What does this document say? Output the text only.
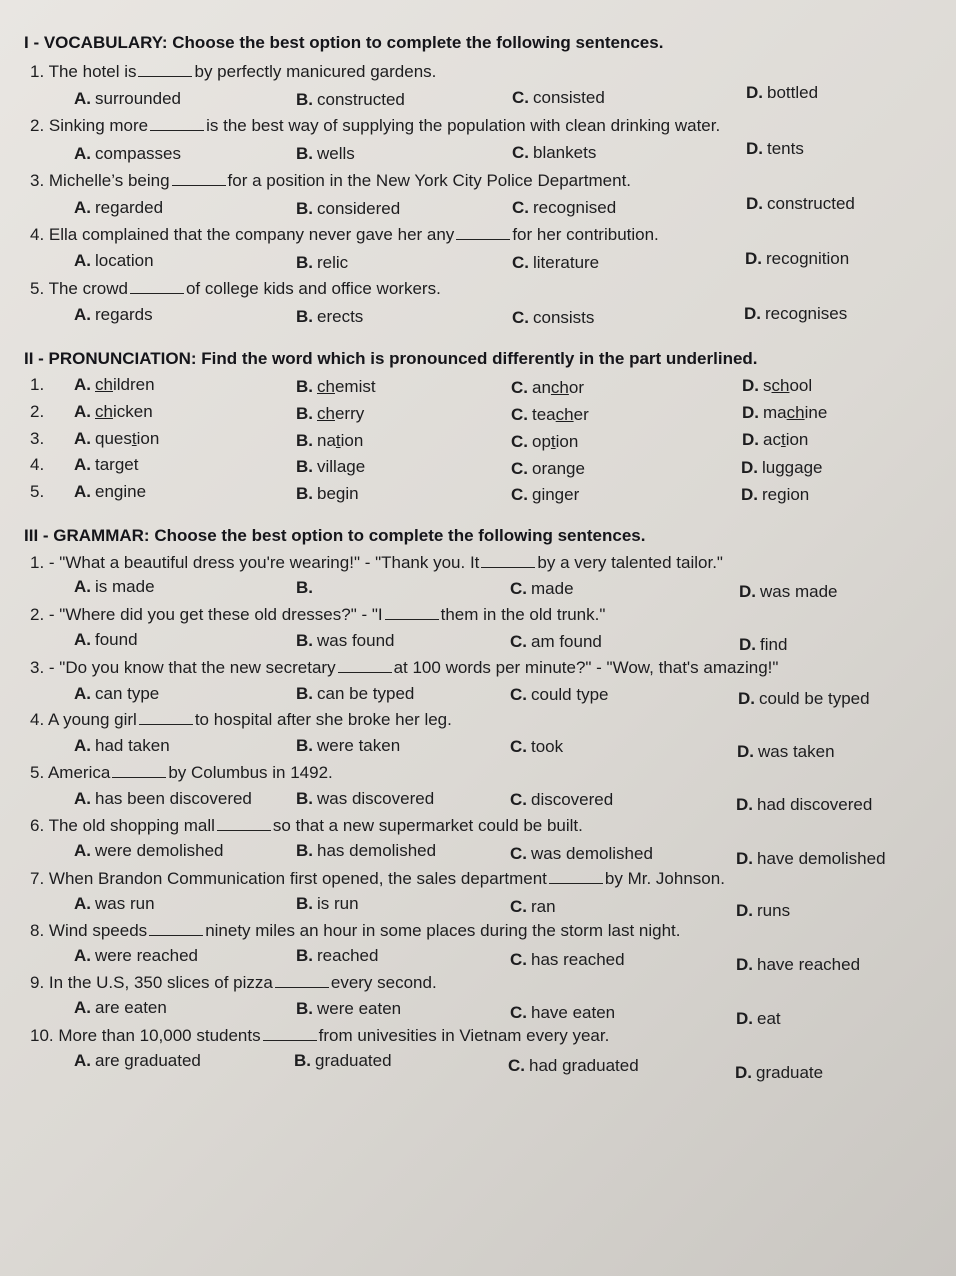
I - VOCABULARY: Choose the best option to complete the following sentences.
1. The hotel is	by perfectly manicured gardens.
A. surrounded	B. constructed	C. consisted	D. bottled
2. Sinking more	is the best way of supplying the population with clean drinking water.
A. compasses	B. wells	C. blankets	D. tents
3. Michelle’s being	for a position in the New York City Police Department.
A. regarded	B. considered	C. recognised	D. constructed
4. Ella complained that the company never gave her any	for her contribution.
A. location	B. relic	C. literature	D. recognition
5. The crowd	of college kids and office workers.
A. regards	B. erects	C. consists	D. recognises
II - PRONUNCIATION: Find the word which is pronounced differently in the part underlined.
1. A. children	B. chemist	C. anchor	D. school
2. A. chicken	B. cherry	C. teacher	D. machine
3. A. question	B. nation	C. option	D. action
4. A. target	B. village	C. orange	D. luggage
5. A. engine	B. begin	C. ginger	D. region
III - GRAMMAR: Choose the best option to complete the following sentences.
1. - "What a beautiful dress you're wearing!" - "Thank you. It	by a very talented tailor."
A. is made	B.	C. made	D. was made
2. - "Where did you get these old dresses?" - "I	them in the old trunk."
A. found	B. was found	C. am found	D. find
3. - "Do you know that the new secretary	at 100 words per minute?" - "Wow, that's amazing!"
A. can type	B. can be typed	C. could type	D. could be typed
4. A young girl	to hospital after she broke her leg.
A. had taken	B. were taken	C. took	D. was taken
5. America	by Columbus in 1492.
A. has been discovered	B. was discovered	C. discovered	D. had discovered
6. The old shopping mall	so that a new supermarket could be built.
A. were demolished	B. has demolished	C. was demolished	D. have demolished
7. When Brandon Communication first opened, the sales department	by Mr. Johnson.
A. was run	B. is run	C. ran	D. runs
8. Wind speeds	ninety miles an hour in some places during the storm last night.
A. were reached	B. reached	C. has reached	D. have reached
9. In the U.S, 350 slices of pizza	every second.
A. are eaten	B. were eaten	C. have eaten	D. eat
10. More than 10,000 students	from univesities in Vietnam every year.
A. are graduated	B. graduated	C. had graduated	D. graduate
